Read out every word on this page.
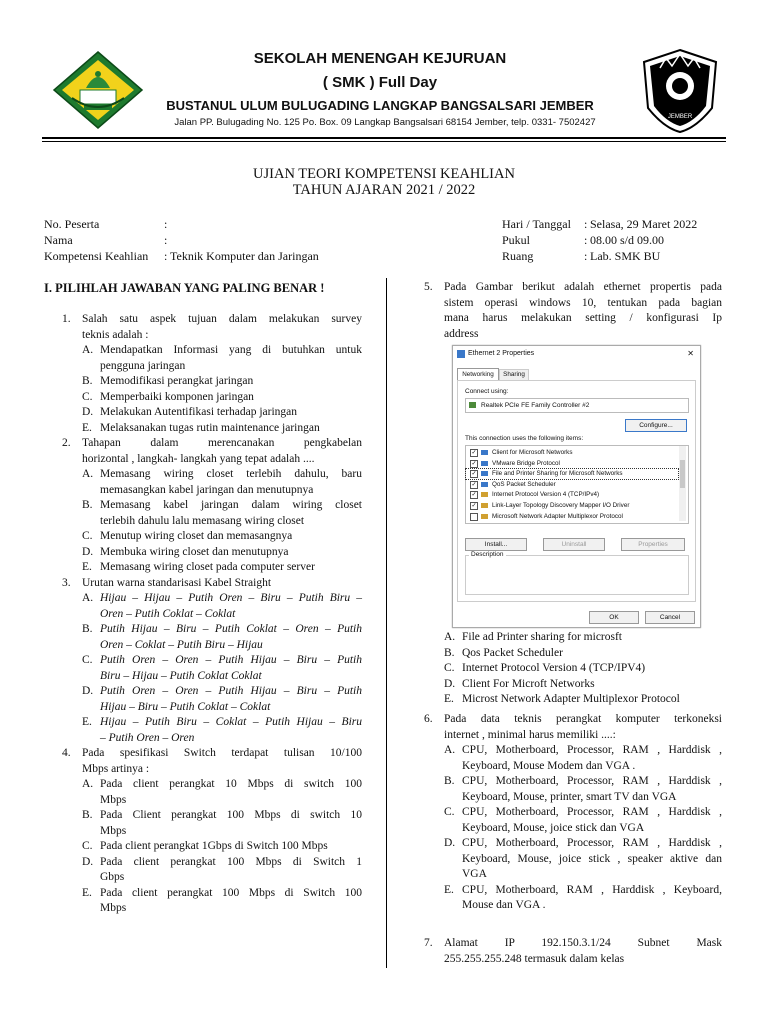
JEMBER
SEKOLAH MENENGAH KEJURUAN
( SMK ) Full Day
BUSTANUL ULUM BULUGADING LANGKAP BANGSALSARI JEMBER
Jalan PP. Bulugading No. 125 Po. Box. 09 Langkap Bangsalsari 68154 Jember, telp. 0331- 7502427
UJIAN TEORI KOMPETENSI KEAHLIAN
TAHUN AJARAN 2021 / 2022
No. Peserta	:
Nama	:
Kompetensi Keahlian : Teknik Komputer dan Jaringan
Hari / Tanggal : Selasa, 29 Maret 2022
Pukul	: 08.00 s/d 09.00
Ruang	: Lab. SMK BU
I. PILIHLAH JAWABAN YANG PALING BENAR !
1. Salah satu aspek tujuan dalam melakukan survey
teknis adalah :
A. Mendapatkan Informasi yang di butuhkan untuk
pengguna jaringan
B. Memodifikasi perangkat jaringan
C. Memperbaiki komponen jaringan
D. Melakukan Autentifikasi terhadap jaringan
E. Melaksanakan tugas rutin maintenance jaringan
2. Tahapan dalam merencanakan pengkabelan
horizontal , langkah- langkah yang tepat adalah ....
A. Memasang wiring closet terlebih dahulu, baru
memasangkan kabel jaringan dan menutupnya
B. Memasang kabel jaringan dalam wiring closet
terlebih dahulu lalu memasang wiring closet
C. Menutup wiring closet dan memasangnya
D. Membuka wiring closet dan menutupnya
E. Memasang wiring closet pada computer server
3. Urutan warna standarisasi Kabel Straight
A. Hijau – Hijau – Putih Oren – Biru – Putih Biru –
Oren – Putih Coklat – Coklat
B. Putih Hijau – Biru – Putih Coklat – Oren – Putih
Oren – Coklat – Putih Biru – Hijau
C. Putih Oren – Oren – Putih Hijau – Biru – Putih
Biru – Hijau – Putih Coklat Coklat
D. Putih Oren – Oren – Putih Hijau – Biru – Putih
Hijau – Biru – Putih Coklat – Coklat
E. Hijau – Putih Biru – Coklat – Putih Hijau – Biru
– Putih Oren – Oren
4. Pada spesifikasi Switch terdapat tulisan 10/100
Mbps artinya :
A. Pada client perangkat 10 Mbps di switch 100
Mbps
B. Pada Client perangkat 100 Mbps di switch 10
Mbps
C. Pada client perangkat 1Gbps di Switch 100 Mbps
D. Pada client perangkat 100 Mbps di Switch 1
Gbps
E. Pada client perangkat 100 Mbps di Switch 100
Mbps
5. Pada Gambar berikut adalah ethernet propertis pada
sistem operasi windows 10, tentukan pada bagian
mana harus melakukan setting / konfigurasi Ip
address
Ethernet 2 Properties	✕
Networking	Sharing
Connect using:
Realtek PCIe FE Family Controller #2
Configure...
This connection uses the following items:
✓ Client for Microsoft Networks
✓ VMware Bridge Protocol
✓ File and Printer Sharing for Microsoft Networks
✓ QoS Packet Scheduler
✓ Internet Protocol Version 4 (TCP/IPv4)
✓ Link-Layer Topology Discovery Mapper I/O Driver
Microsoft Network Adapter Multiplexor Protocol
Install...	Uninstall	Properties
Description
OK	Cancel
A. File ad Printer sharing for microsft
B. Qos Packet Scheduler
C. Internet Protocol Version 4 (TCP/IPV4)
D. Client For Microft Networks
E. Microst Network Adapter Multiplexor Protocol
6. Pada data teknis perangkat komputer terkoneksi
internet , minimal harus memiliki ....:
A. CPU, Motherboard, Processor, RAM , Harddisk ,
Keyboard, Mouse Modem dan VGA .
B. CPU, Motherboard, Processor, RAM , Harddisk ,
Keyboard, Mouse, printer, smart TV dan VGA
C. CPU, Motherboard, Processor, RAM , Harddisk ,
Keyboard, Mouse, joice stick dan VGA
D. CPU, Motherboard, Processor, RAM , Harddisk ,
Keyboard, Mouse, joice stick , speaker aktive dan
VGA
E. CPU, Motherboard, RAM , Harddisk , Keyboard,
Mouse dan VGA .
7. Alamat IP 192.150.3.1/24 Subnet Mask
255.255.255.248 termasuk dalam kelas
